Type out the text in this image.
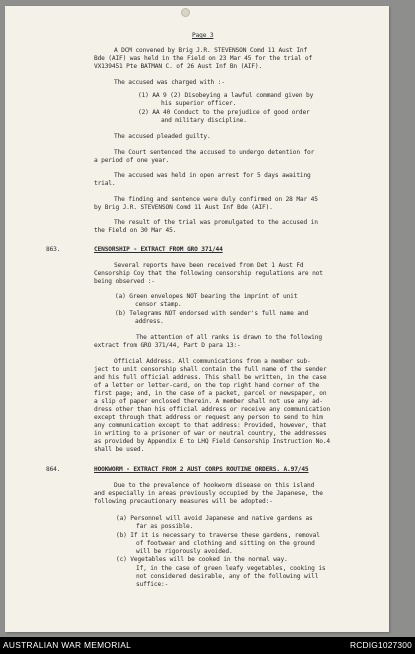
Page 3
A DCM convened by Brig J.R. STEVENSON Comd 11 Aust Inf
Bde (AIF) was held in the Field on 23 Mar 45 for the trial of
VX139451 Pte BATMAN C. of 26 Aust Inf Bn (AIF).
The accused was charged with :-
(1) AA 9 (2) Disobeying a lawful command given by
his superior officer.
(2) AA 40 Conduct to the prejudice of good order
and military discipline.
The accused pleaded guilty.
The Court sentenced the accused to undergo detention for
a period of one year.
The accused was held in open arrest for 5 days awaiting
trial.
The finding and sentence were duly confirmed on 28 Mar 45
by Brig J.R. STEVENSON Comd 11 Aust Inf Bde (AIF).
The result of the trial was promulgated to the accused in
the Field on 30 Mar 45.
863.	CENSORSHIP - EXTRACT FROM GRO 371/44
Several reports have been received from Det 1 Aust Fd
Censorship Coy that the following censorship regulations are not
being observed :-
(a) Green envelopes NOT bearing the imprint of unit
censor stamp.
(b) Telegrams NOT endorsed with sender's full name and
address.
The attention of all ranks is drawn to the following
extract from GRO 371/44, Part D para 13:-
Official Address. All communications from a member sub-
ject to unit censorship shall contain the full name of the sender
and his full official address. This shall be written, in the case
of a letter or letter-card, on the top right hand corner of the
first page; and, in the case of a packet, parcel or newspaper, on
a slip of paper enclosed therein. A member shall not use any ad-
dress other than his official address or receive any communication
except through that address or request any person to send to him
any communication except to that address: Provided, however, that
in writing to a prisoner of war or neutral country, the addresses
as provided by Appendix E to LHQ Field Censorship Instruction No.4
shall be used.
864.	HOOKWORM - EXTRACT FROM 2 AUST CORPS ROUTINE ORDERS. A.97/45
Due to the prevalence of hookworm disease on this island
and especially in areas previously occupied by the Japanese, the
following precautionary measures will be adopted:-
(a) Personnel will avoid Japanese and native gardens as
far as possible.
(b) If it is necessary to traverse these gardens, removal
of footwear and clothing and sitting on the ground
will be rigorously avoided.
(c) Vegetables will be cooked in the normal way.
If, in the case of green leafy vegetables, cooking is
not considered desirable, any of the following will
suffice:-
AUSTRALIAN WAR MEMORIAL	RCDIG1027300
